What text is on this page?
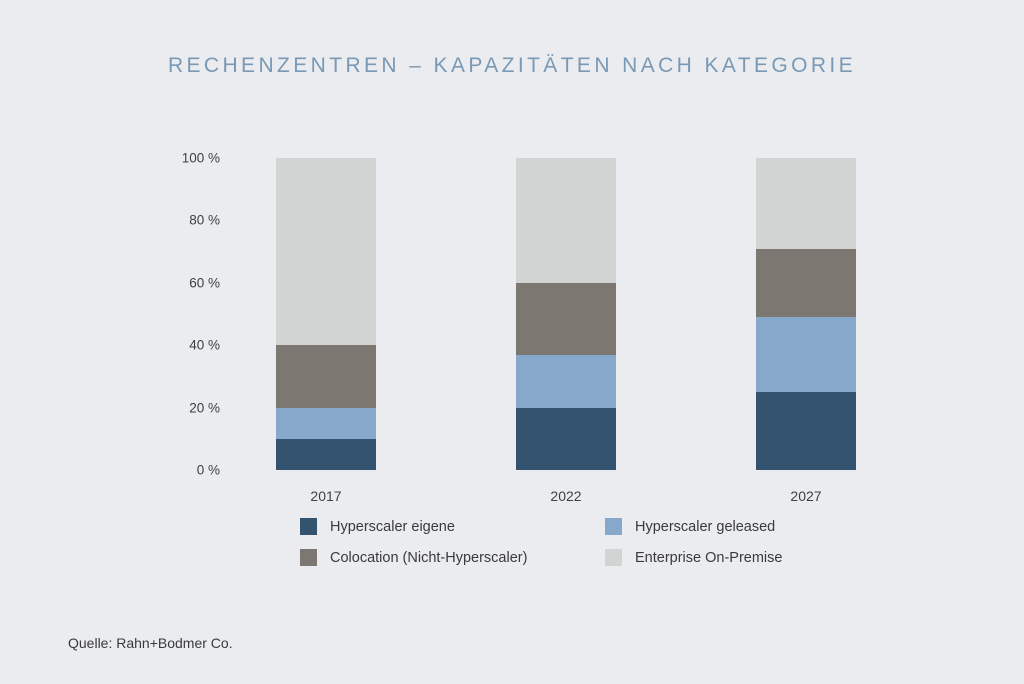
RECHENZENTREN – KAPAZITÄTEN NACH KATEGORIE
0 %
20 %
40 %
60 %
80 %
100 %
2017	2022	2027
Hyperscaler eigene	Hyperscaler geleased
Colocation (Nicht-Hyperscaler)	Enterprise On-Premise
Quelle: Rahn+Bodmer Co.
